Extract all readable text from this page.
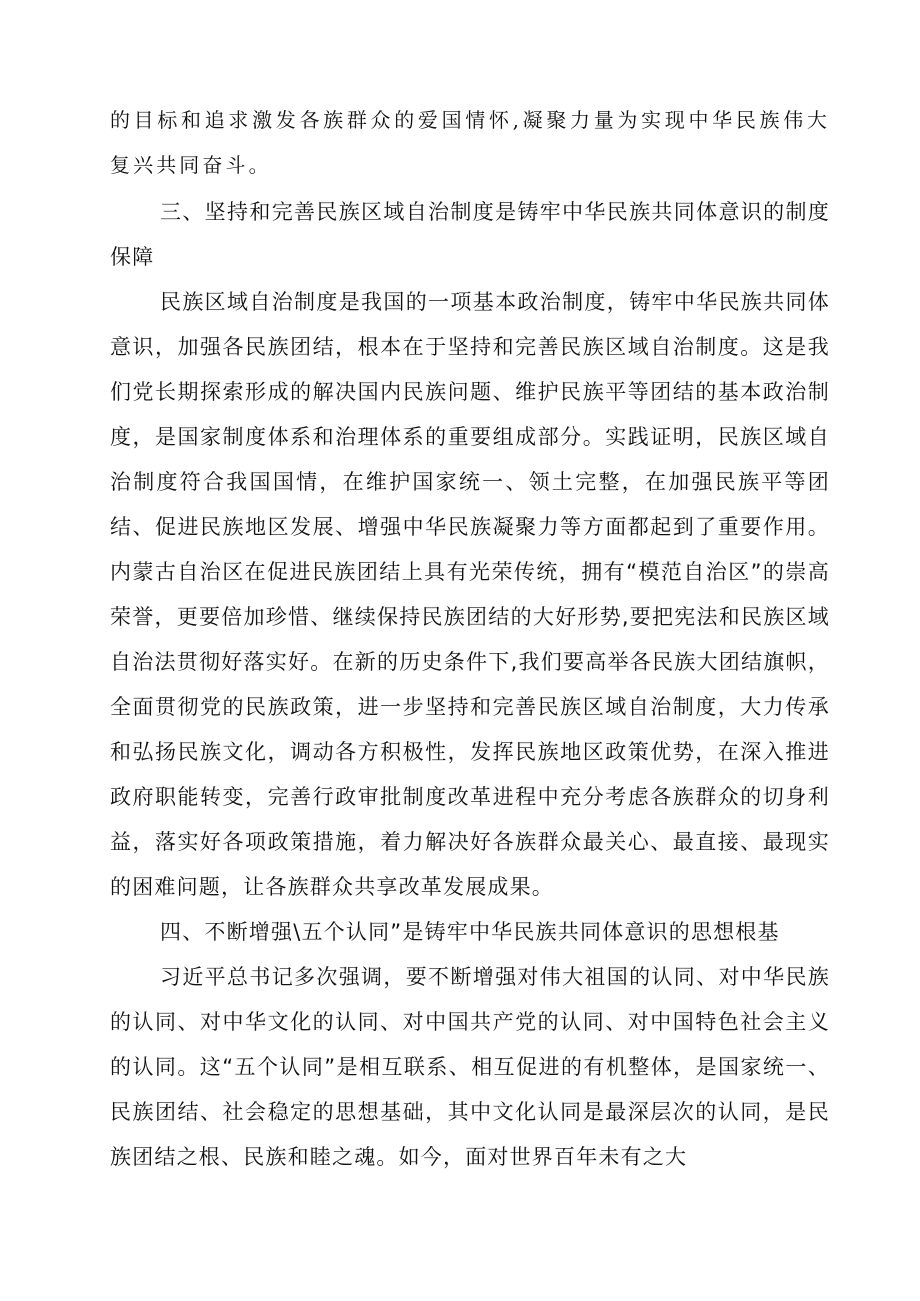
的目标和追求激发各族群众的爱国情怀,凝聚力量为实现中华民族伟大复兴共同奋斗。

三、坚持和完善民族区域自治制度是铸牢中华民族共同体意识的制度保障

民族区域自治制度是我国的一项基本政治制度，铸牢中华民族共同体意识，加强各民族团结，根本在于坚持和完善民族区域自治制度。这是我们党长期探索形成的解决国内民族问题、维护民族平等团结的基本政治制度，是国家制度体系和治理体系的重要组成部分。实践证明，民族区域自治制度符合我国国情，在维护国家统一、领土完整，在加强民族平等团结、促进民族地区发展、增强中华民族凝聚力等方面都起到了重要作用。内蒙古自治区在促进民族团结上具有光荣传统，拥有“模范自治区”的崇高荣誉，更要倍加珍惜、继续保持民族团结的大好形势,要把宪法和民族区域自治法贯彻好落实好。在新的历史条件下,我们要高举各民族大团结旗帜，全面贯彻党的民族政策，进一步坚持和完善民族区域自治制度，大力传承和弘扬民族文化，调动各方积极性，发挥民族地区政策优势，在深入推进政府职能转变，完善行政审批制度改革进程中充分考虑各族群众的切身利益，落实好各项政策措施，着力解决好各族群众最关心、最直接、最现实的困难问题，让各族群众共享改革发展成果。

四、不断增强\五个认同”是铸牢中华民族共同体意识的思想根基

习近平总书记多次强调，要不断增强对伟大祖国的认同、对中华民族的认同、对中华文化的认同、对中国共产党的认同、对中国特色社会主义的认同。这“五个认同”是相互联系、相互促进的有机整体，是国家统一、民族团结、社会稳定的思想基础，其中文化认同是最深层次的认同，是民族团结之根、民族和睦之魂。如今，面对世界百年未有之大
